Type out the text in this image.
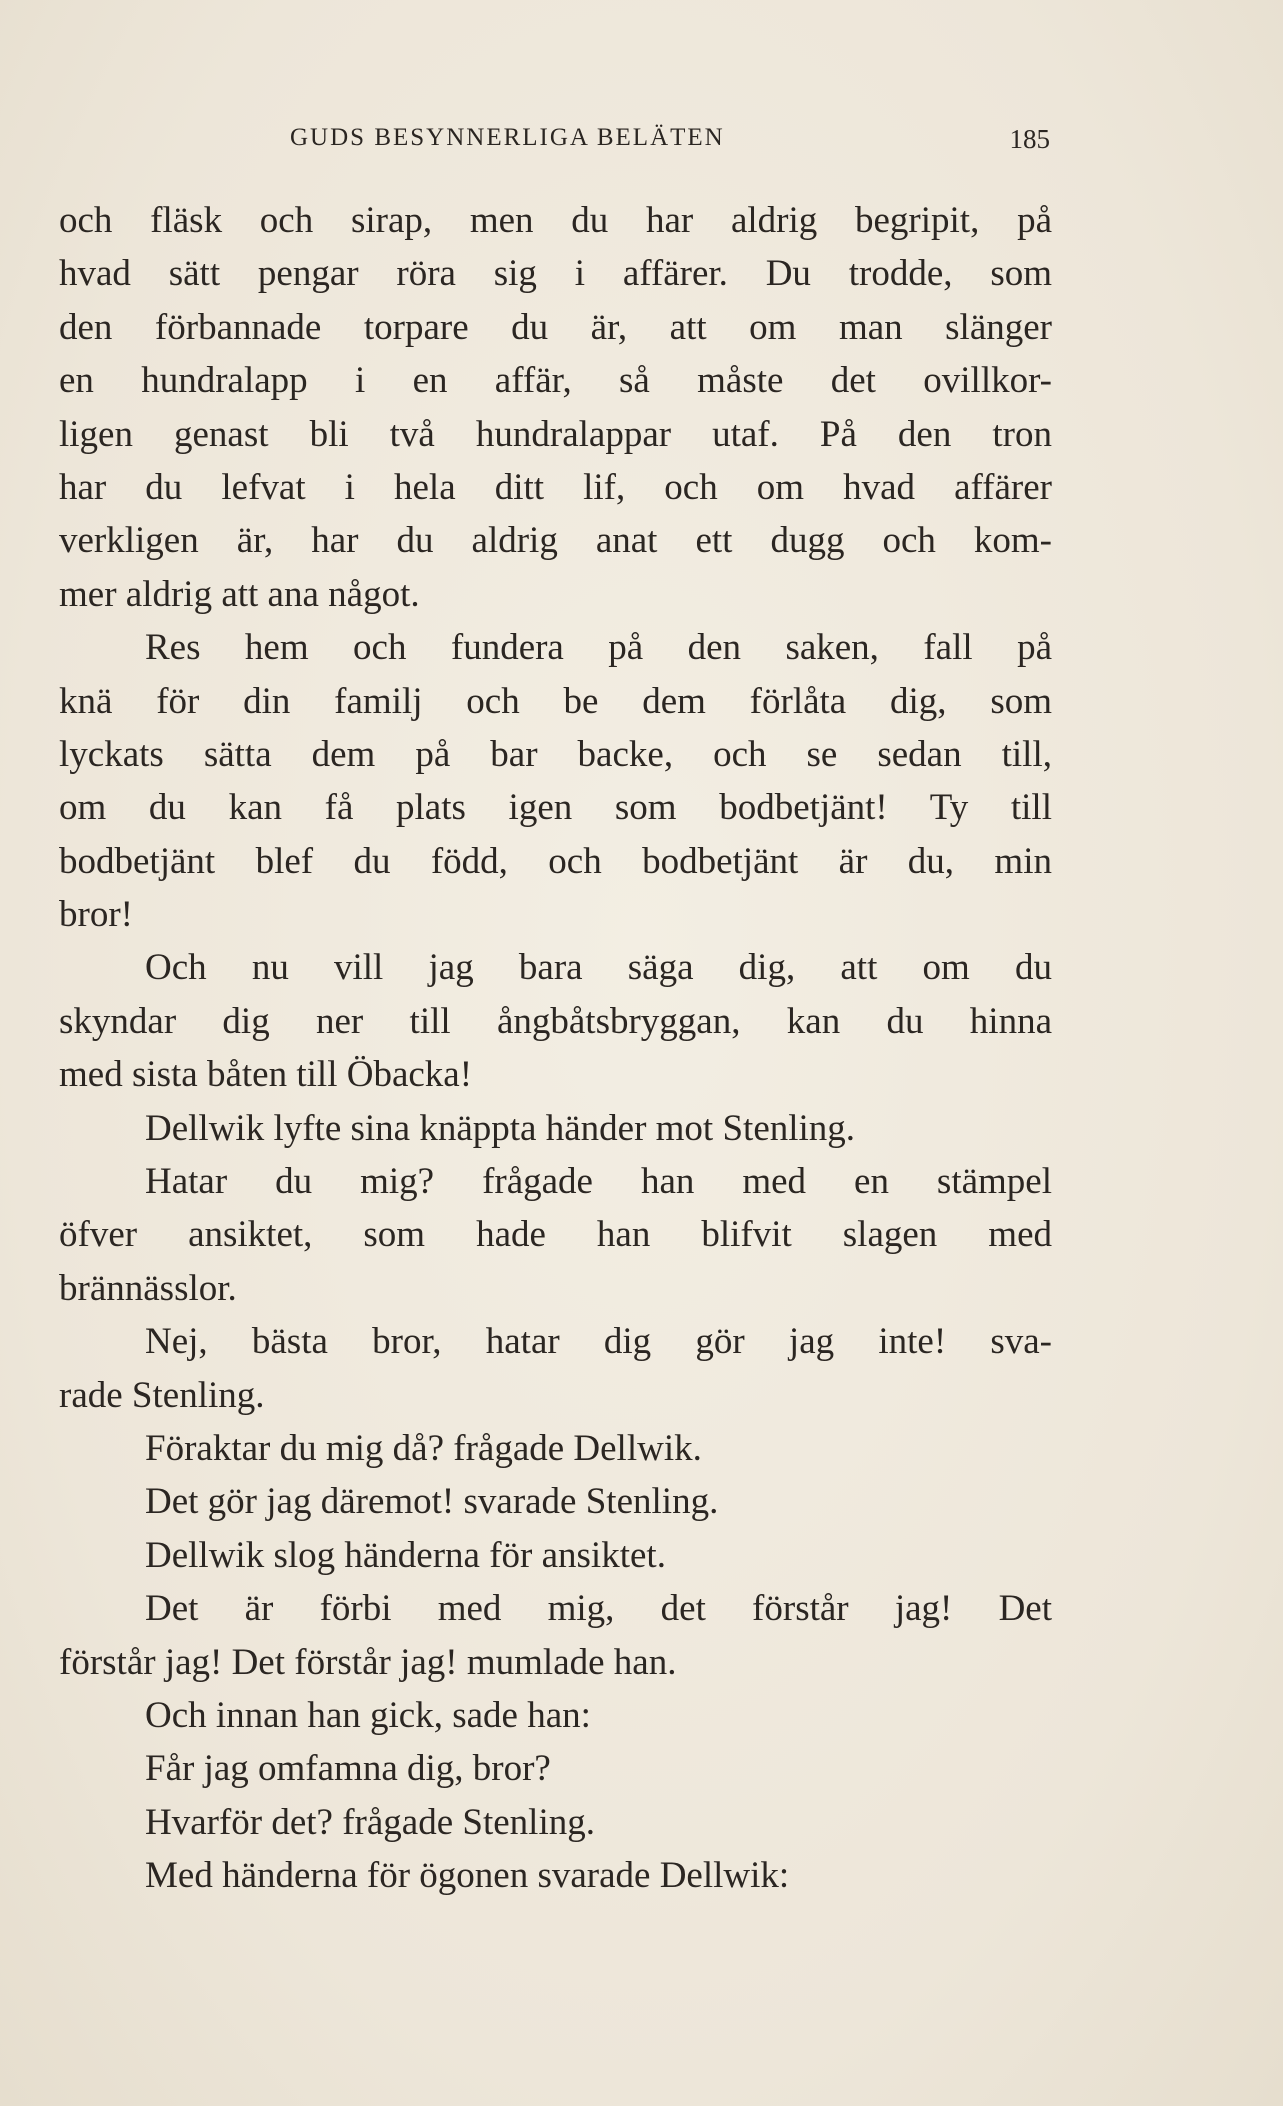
GUDS BESYNNERLIGA BELÄTEN	185
och fläsk och sirap, men du har aldrig begripit, på
hvad sätt pengar röra sig i affärer. Du trodde, som
den förbannade torpare du är, att om man slänger
en hundralapp i en affär, så måste det ovillkor-
ligen genast bli två hundralappar utaf. På den tron
har du lefvat i hela ditt lif, och om hvad affärer
verkligen är, har du aldrig anat ett dugg och kom-
mer aldrig att ana något.
Res hem och fundera på den saken, fall på
knä för din familj och be dem förlåta dig, som
lyckats sätta dem på bar backe, och se sedan till,
om du kan få plats igen som bodbetjänt! Ty till
bodbetjänt blef du född, och bodbetjänt är du, min
bror!
Och nu vill jag bara säga dig, att om du
skyndar dig ner till ångbåtsbryggan, kan du hinna
med sista båten till Öbacka!
Dellwik lyfte sina knäppta händer mot Stenling.
Hatar du mig? frågade han med en stämpel
öfver ansiktet, som hade han blifvit slagen med
brännässlor.
Nej, bästa bror, hatar dig gör jag inte! sva-
rade Stenling.
Föraktar du mig då? frågade Dellwik.
Det gör jag däremot! svarade Stenling.
Dellwik slog händerna för ansiktet.
Det är förbi med mig, det förstår jag! Det
förstår jag! Det förstår jag! mumlade han.
Och innan han gick, sade han:
Får jag omfamna dig, bror?
Hvarför det? frågade Stenling.
Med händerna för ögonen svarade Dellwik:
